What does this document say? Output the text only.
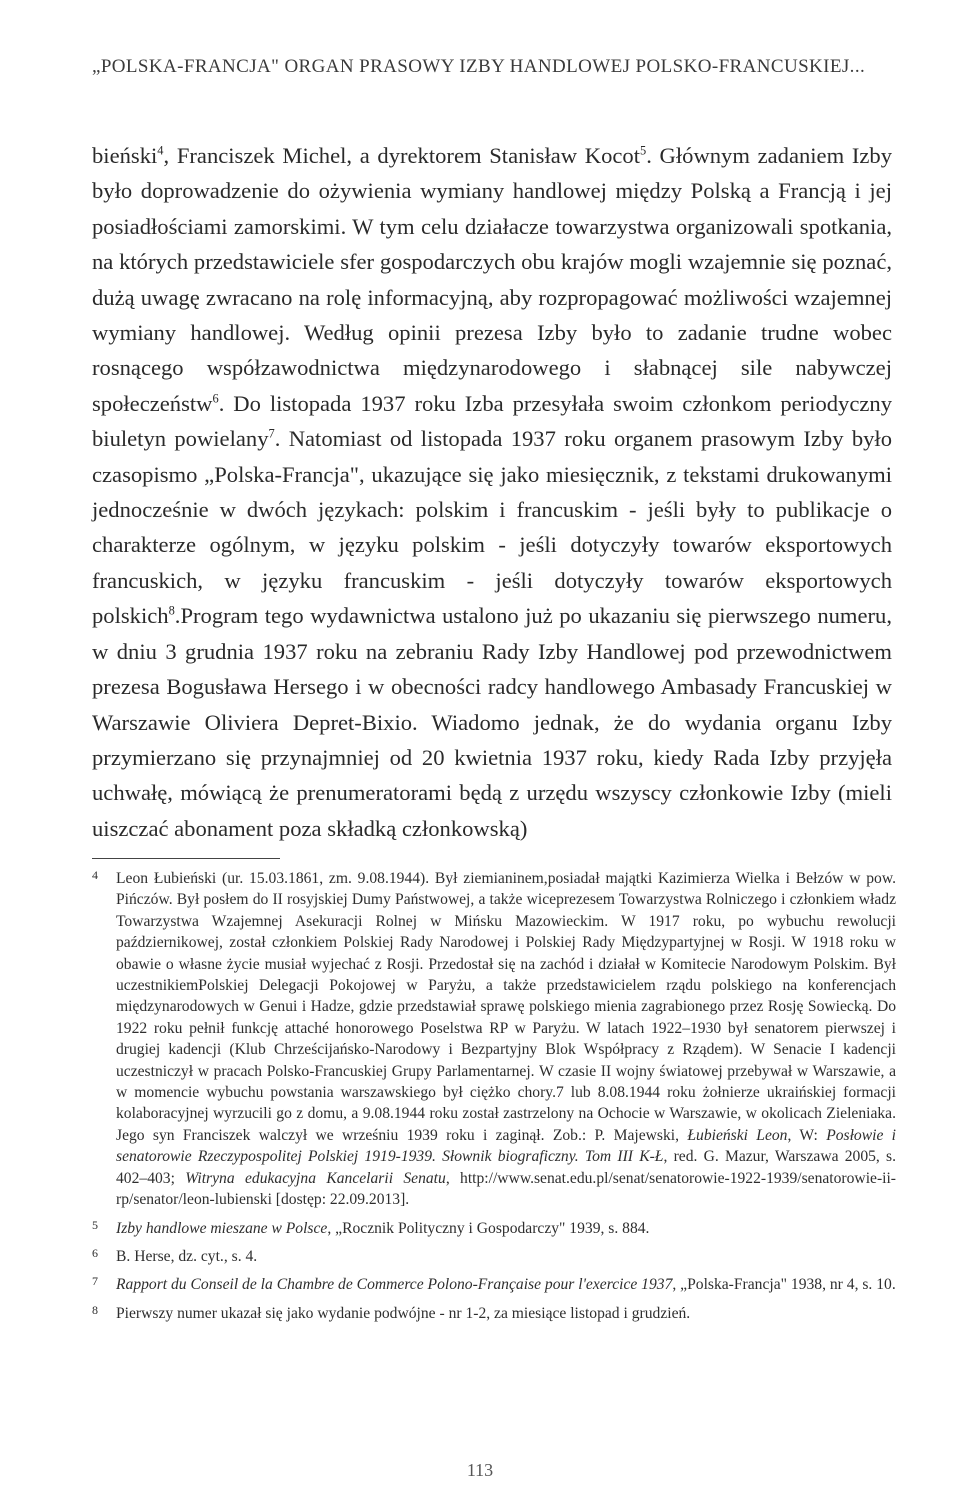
„POLSKA-FRANCJA" ORGAN PRASOWY IZBY HANDLOWEJ POLSKO-FRANCUSKIEJ...
bieński$^4$, Franciszek Michel, a dyrektorem Stanisław Kocot$^5$. Głównym zadaniem Izby było doprowadzenie do ożywienia wymiany handlowej między Polską a Francją i jej posiadłościami zamorskimi. W tym celu działacze towarzystwa organizowali spotkania, na których przedstawiciele sfer gospodarczych obu krajów mogli wzajemnie się poznać, dużą uwagę zwracano na rolę informacyjną, aby rozpropagować możliwości wzajemnej wymiany handlowej. Według opinii prezesa Izby było to zadanie trudne wobec rosnącego współzawodnictwa międzynarodowego i słabnącej sile nabywczej społeczeństw$^6$. Do listopada 1937 roku Izba przesyłała swoim członkom periodyczny biuletyn powielany$^7$. Natomiast od listopada 1937 roku organem prasowym Izby było czasopismo „Polska-Francja", ukazujące się jako miesięcznik, z tekstami drukowanymi jednocześnie w dwóch językach: polskim i francuskim - jeśli były to publikacje o charakterze ogólnym, w języku polskim - jeśli dotyczyły towarów eksportowych francuskich, w języku francuskim - jeśli dotyczyły towarów eksportowych polskich$^8$.Program tego wydawnictwa ustalono już po ukazaniu się pierwszego numeru, w dniu 3 grudnia 1937 roku na zebraniu Rady Izby Handlowej pod przewodnictwem prezesa Bogusława Hersego i w obecności radcy handlowego Ambasady Francuskiej w Warszawie Oliviera Depret-Bixio. Wiadomo jednak, że do wydania organu Izby przymierzano się przynajmniej od 20 kwietnia 1937 roku, kiedy Rada Izby przyjęła uchwałę, mówiącą że prenumeratorami będą z urzędu wszyscy członkowie Izby (mieli uiszczać abonament poza składką członkowską)
4	Leon Łubieński (ur. 15.03.1861, zm. 9.08.1944). Był ziemianinem,posiadał majątki Kazimierza Wielka i Bełzów w pow. Pińczów. Był posłem do II rosyjskiej Dumy Państwowej, a także wiceprezesem Towarzystwa Rolniczego i członkiem władz Towarzystwa Wzajemnej Asekuracji Rolnej w Mińsku Mazowieckim. W 1917 roku, po wybuchu rewolucji październikowej, został członkiem Polskiej Rady Narodowej i Polskiej Rady Międzypartyjnej w Rosji. W 1918 roku w obawie o własne życie musiał wyjechać z Rosji. Przedostał się na zachód i działał w Komitecie Narodowym Polskim. Był uczestnikiemPolskiej Delegacji Pokojowej w Paryżu, a także przedstawicielem rządu polskiego na konferencjach międzynarodowych w Genui i Hadze, gdzie przedstawiał sprawę polskiego mienia zagrabionego przez Rosję Sowiecką. Do 1922 roku pełnił funkcję attaché honorowego Poselstwa RP w Paryżu. W latach 1922–1930 był senatorem pierwszej i drugiej kadencji (Klub Chrześcijańsko-Narodowy i Bezpartyjny Blok Współpracy z Rządem). W Senacie I kadencji uczestniczył w pracach Polsko-Francuskiej Grupy Parlamentarnej. W czasie II wojny światowej przebywał w Warszawie, a w momencie wybuchu powstania warszawskiego był ciężko chory.7 lub 8.08.1944 roku żołnierze ukraińskiej formacji kolaboracyjnej wyrzucili go z domu, a 9.08.1944 roku został zastrzelony na Ochocie w Warszawie, w okolicach Zieleniaka. Jego syn Franciszek walczył we wrześniu 1939 roku i zaginął. Zob.: P. Majewski, Łubieński Leon, W: Posłowie i senatorowie Rzeczypospolitej Polskiej 1919-1939. Słownik biograficzny. Tom III K-Ł, red. G. Mazur, Warszawa 2005, s. 402–403; Witryna edukacyjna Kancelarii Senatu, http://www.senat.edu.pl/senat/senatorowie-1922-1939/senatorowie-ii-rp/senator/leon-lubienski [dostęp: 22.09.2013].
5	Izby handlowe mieszane w Polsce, „Rocznik Polityczny i Gospodarczy" 1939, s. 884.
6	B. Herse, dz. cyt., s. 4.
7	Rapport du Conseil de la Chambre de Commerce Polono-Française pour l'exercice 1937, „Polska-Francja" 1938, nr 4, s. 10.
8	Pierwszy numer ukazał się jako wydanie podwójne - nr 1-2, za miesiące listopad i grudzień.
113
